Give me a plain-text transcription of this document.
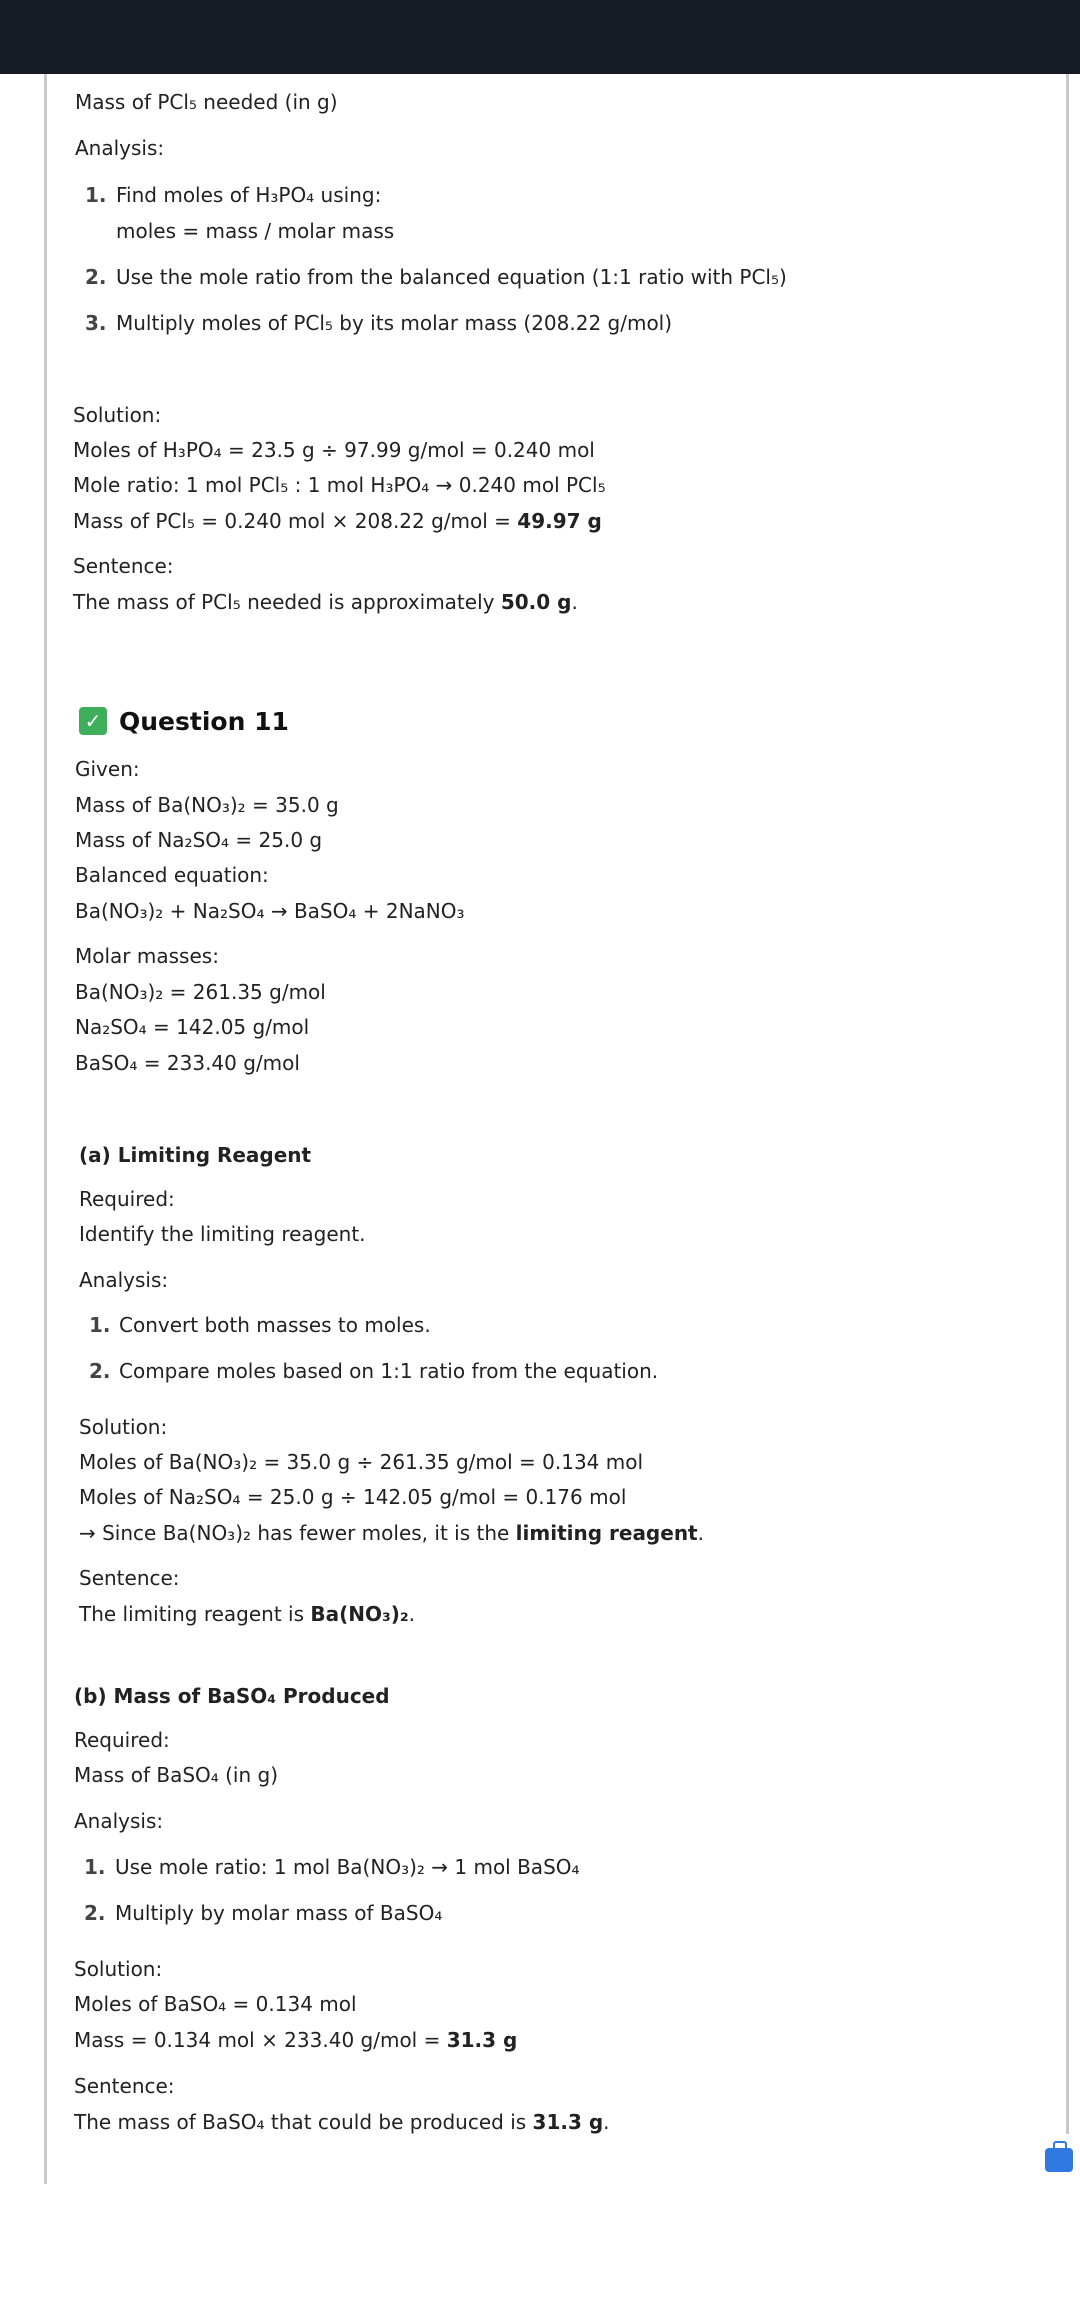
Mass of PCl₅ needed (in g)
Analysis:
1. Find moles of H₃PO₄ using:
moles = mass / molar mass
2. Use the mole ratio from the balanced equation (1:1 ratio with PCl₅)
3. Multiply moles of PCl₅ by its molar mass (208.22 g/mol)
Solution:
Moles of H₃PO₄ = 23.5 g ÷ 97.99 g/mol = 0.240 mol
Mole ratio: 1 mol PCl₅ : 1 mol H₃PO₄ → 0.240 mol PCl₅
Mass of PCl₅ = 0.240 mol × 208.22 g/mol = 49.97 g
Sentence:
The mass of PCl₅ needed is approximately 50.0 g.
✓ Question 11
Given:
Mass of Ba(NO₃)₂ = 35.0 g
Mass of Na₂SO₄ = 25.0 g
Balanced equation:
Ba(NO₃)₂ + Na₂SO₄ → BaSO₄ + 2NaNO₃
Molar masses:
Ba(NO₃)₂ = 261.35 g/mol
Na₂SO₄ = 142.05 g/mol
BaSO₄ = 233.40 g/mol
(a) Limiting Reagent
Required:
Identify the limiting reagent.
Analysis:
1. Convert both masses to moles.
2. Compare moles based on 1:1 ratio from the equation.
Solution:
Moles of Ba(NO₃)₂ = 35.0 g ÷ 261.35 g/mol = 0.134 mol
Moles of Na₂SO₄ = 25.0 g ÷ 142.05 g/mol = 0.176 mol
→ Since Ba(NO₃)₂ has fewer moles, it is the limiting reagent.
Sentence:
The limiting reagent is Ba(NO₃)₂.
(b) Mass of BaSO₄ Produced
Required:
Mass of BaSO₄ (in g)
Analysis:
1. Use mole ratio: 1 mol Ba(NO₃)₂ → 1 mol BaSO₄
2. Multiply by molar mass of BaSO₄
Solution:
Moles of BaSO₄ = 0.134 mol
Mass = 0.134 mol × 233.40 g/mol = 31.3 g
Sentence:
The mass of BaSO₄ that could be produced is 31.3 g.
